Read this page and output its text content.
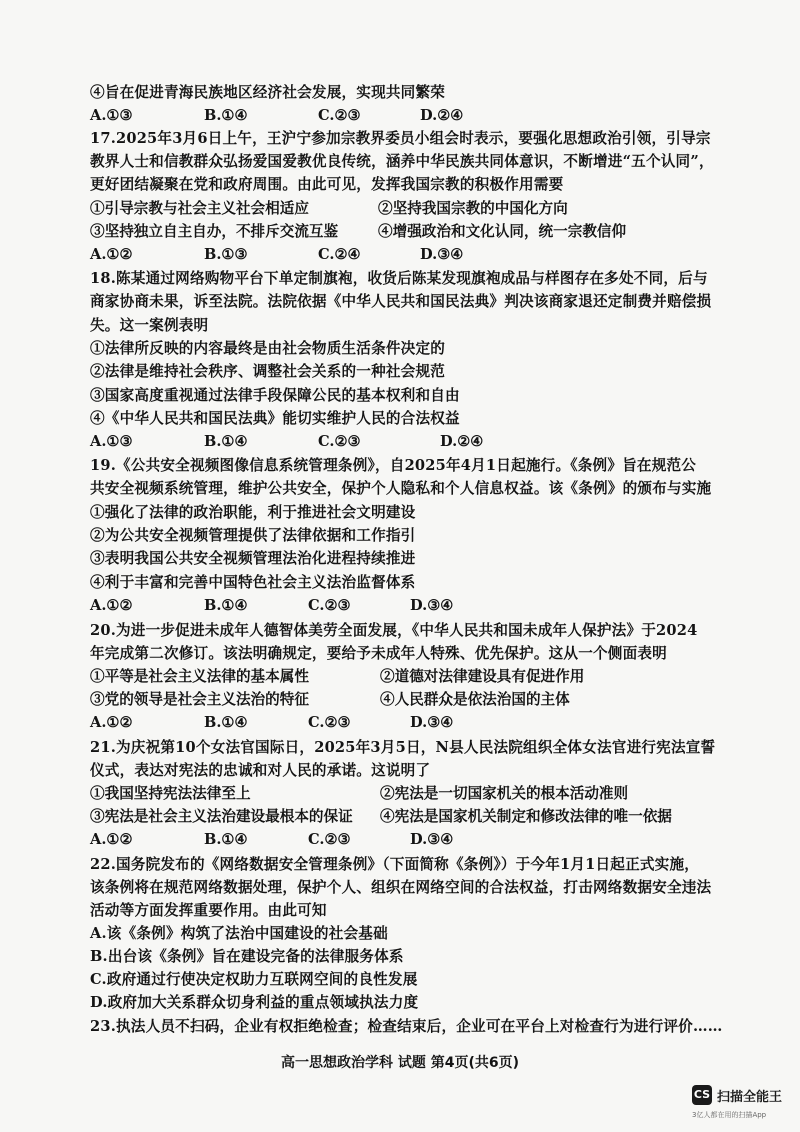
④旨在促进青海民族地区经济社会发展，实现共同繁荣
A.①③	B.①④	C.②③	D.②④
17.2025年3月6日上午，王沪宁参加宗教界委员小组会时表示，要强化思想政治引领，引导宗
教界人士和信教群众弘扬爱国爱教优良传统，涵养中华民族共同体意识，不断增进“五个认同”，
更好团结凝聚在党和政府周围。由此可见，发挥我国宗教的积极作用需要
①引导宗教与社会主义社会相适应	②坚持我国宗教的中国化方向
③坚持独立自主自办，不排斥交流互鉴	④增强政治和文化认同，统一宗教信仰
A.①②	B.①③	C.②④	D.③④
18.陈某通过网络购物平台下单定制旗袍，收货后陈某发现旗袍成品与样图存在多处不同，后与
商家协商未果，诉至法院。法院依据《中华人民共和国民法典》判决该商家退还定制费并赔偿损
失。这一案例表明
①法律所反映的内容最终是由社会物质生活条件决定的
②法律是维持社会秩序、调整社会关系的一种社会规范
③国家高度重视通过法律手段保障公民的基本权利和自由
④《中华人民共和国民法典》能切实维护人民的合法权益
A.①③	B.①④	C.②③	D.②④
19.《公共安全视频图像信息系统管理条例》，自2025年4月1日起施行。《条例》旨在规范公
共安全视频系统管理，维护公共安全，保护个人隐私和个人信息权益。该《条例》的颁布与实施
①强化了法律的政治职能，利于推进社会文明建设
②为公共安全视频管理提供了法律依据和工作指引
③表明我国公共安全视频管理法治化进程持续推进
④利于丰富和完善中国特色社会主义法治监督体系
A.①②	B.①④	C.②③	D.③④
20.为进一步促进未成年人德智体美劳全面发展，《中华人民共和国未成年人保护法》于2024
年完成第二次修订。该法明确规定，要给予未成年人特殊、优先保护。这从一个侧面表明
①平等是社会主义法律的基本属性	②道德对法律建设具有促进作用
③党的领导是社会主义法治的特征	④人民群众是依法治国的主体
A.①②	B.①④	C.②③	D.③④
21.为庆祝第10个女法官国际日，2025年3月5日，N县人民法院组织全体女法官进行宪法宣誓
仪式，表达对宪法的忠诚和对人民的承诺。这说明了
①我国坚持宪法法律至上	②宪法是一切国家机关的根本活动准则
③宪法是社会主义法治建设最根本的保证 ④宪法是国家机关制定和修改法律的唯一依据
A.①②	B.①④	C.②③	D.③④
22.国务院发布的《网络数据安全管理条例》（下面简称《条例》）于今年1月1日起正式实施，
该条例将在规范网络数据处理，保护个人、组织在网络空间的合法权益，打击网络数据安全违法
活动等方面发挥重要作用。由此可知
A.该《条例》构筑了法治中国建设的社会基础
B.出台该《条例》旨在建设完备的法律服务体系
C.政府通过行使决定权助力互联网空间的良性发展
D.政府加大关系群众切身利益的重点领域执法力度
23.执法人员不扫码，企业有权拒绝检查；检查结束后，企业可在平台上对检查行为进行评价……
高一思想政治学科 试题 第4页(共6页)
CS 扫描全能王
3亿人都在用的扫描App
